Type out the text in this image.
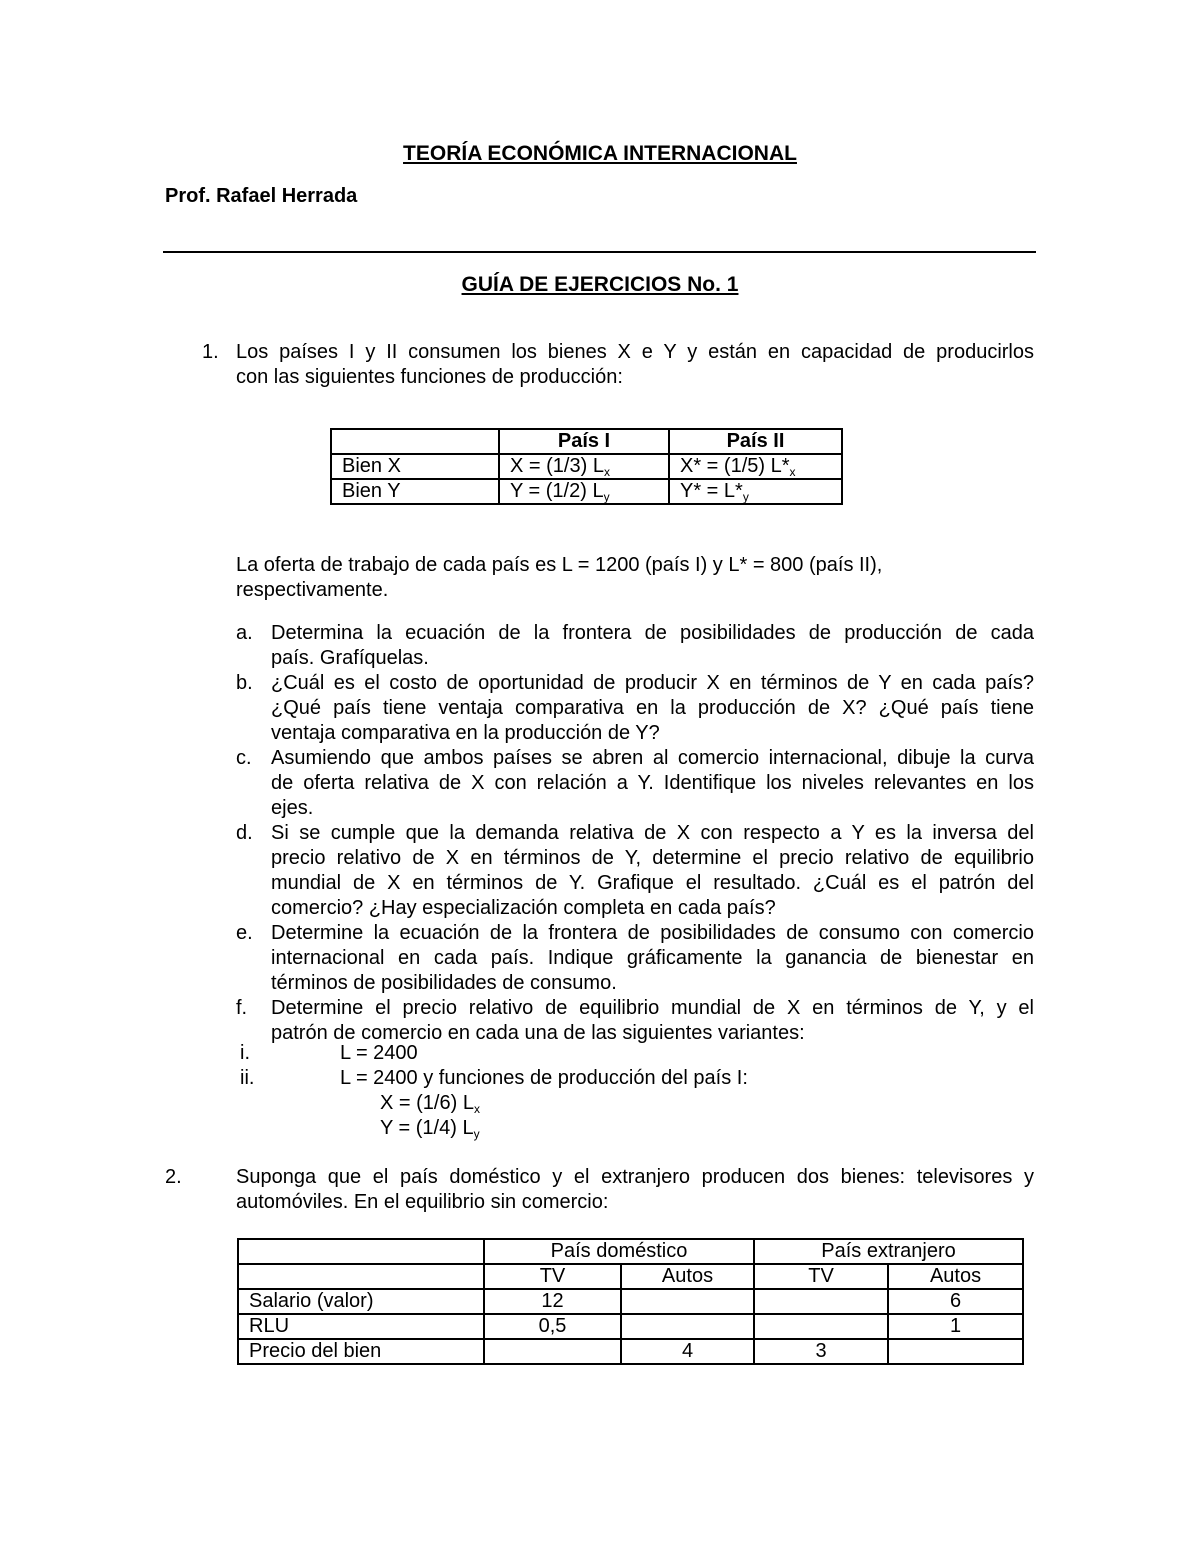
TEORÍA ECONÓMICA INTERNACIONAL
Prof. Rafael Herrada
GUÍA DE EJERCICIOS No. 1
1. Los países I y II consumen los bienes X e Y y están en capacidad de producirlos
con las siguientes funciones de producción:
	País I	País II
Bien X	X = (1/3) $L_x$	X* = (1/5) $L*_x$
Bien Y	Y = (1/2) $L_y$	$Y* = L*_y$
La oferta de trabajo de cada país es L = 1200 (país I) y L* = 800 (país II),
respectivamente.
a. Determina la ecuación de la frontera de posibilidades de producción de cada
país. Grafíquelas.
b. ¿Cuál es el costo de oportunidad de producir X en términos de Y en cada país?
¿Qué país tiene ventaja comparativa en la producción de X? ¿Qué país tiene
ventaja comparativa en la producción de Y?
c. Asumiendo que ambos países se abren al comercio internacional, dibuje la curva
de oferta relativa de X con relación a Y. Identifique los niveles relevantes en los
ejes.
d. Si se cumple que la demanda relativa de X con respecto a Y es la inversa del
precio relativo de X en términos de Y, determine el precio relativo de equilibrio
mundial de X en términos de Y. Grafique el resultado. ¿Cuál es el patrón del
comercio? ¿Hay especialización completa en cada país?
e. Determine la ecuación de la frontera de posibilidades de consumo con comercio
internacional en cada país. Indique gráficamente la ganancia de bienestar en
términos de posibilidades de consumo.
f.	Determine el precio relativo de equilibrio mundial de X en términos de Y, y el
patrón de comercio en cada una de las siguientes variantes:
i.	L = 2400
ii.	L = 2400 y funciones de producción del país I:
X = (1/6) $L_x$
Y = (1/4) $L_y$
2.	Suponga que el país doméstico y el extranjero producen dos bienes: televisores y
automóviles. En el equilibrio sin comercio:
	País doméstico		País extranjero	
	TV	Autos	TV	Autos
Salario (valor)	12			6
RLU	0,5			1
Precio del bien		4	3	
